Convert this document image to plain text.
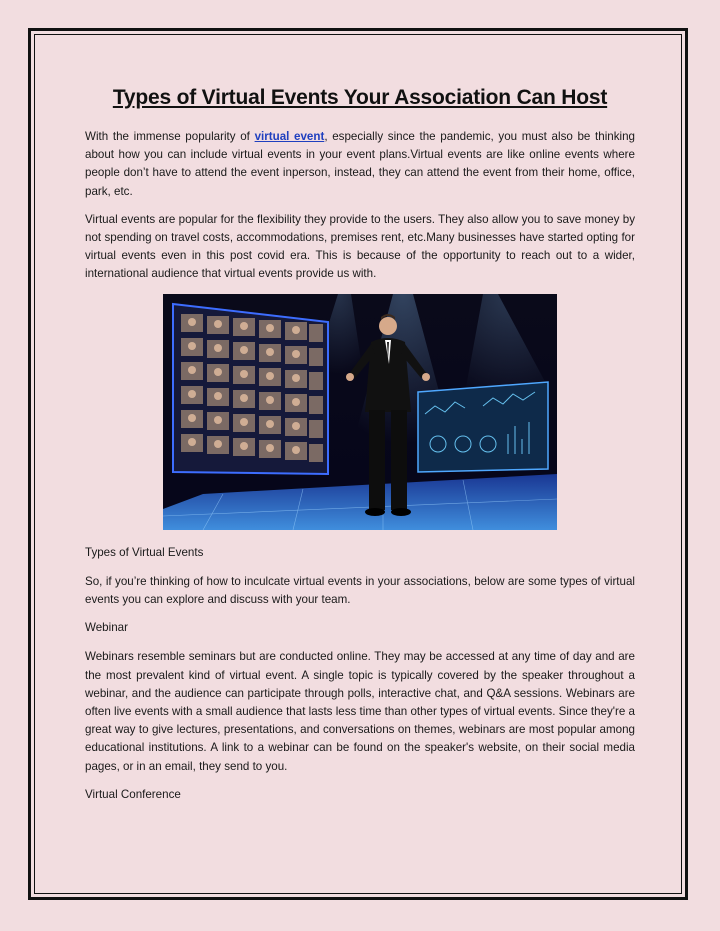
Types of Virtual Events Your Association Can Host

With the immense popularity of virtual event, especially since the pandemic, you must also be thinking about how you can include virtual events in your event plans.Virtual events are like online events where people don’t have to attend the event inperson, instead, they can attend the event from their home, office, park, etc.

Virtual events are popular for the flexibility they provide to the users. They also allow you to save money by not spending on travel costs, accommodations, premises rent, etc.Many businesses have started opting for virtual events even in this post covid era. This is because of the opportunity to reach out to a wider, international audience that virtual events provide us with.

Types of Virtual Events

So, if you’re thinking of how to inculcate virtual events in your associations, below are some types of virtual events you can explore and discuss with your team.

Webinar

Webinars resemble seminars but are conducted online. They may be accessed at any time of day and are the most prevalent kind of virtual event. A single topic is typically covered by the speaker throughout a webinar, and the audience can participate through polls, interactive chat, and Q&A sessions. Webinars are often live events with a small audience that lasts less time than other types of virtual events. Since they're a great way to give lectures, presentations, and conversations on themes, webinars are most popular among educational institutions. A link to a webinar can be found on the speaker's website, on their social media pages, or in an email, they send to you.

Virtual Conference
